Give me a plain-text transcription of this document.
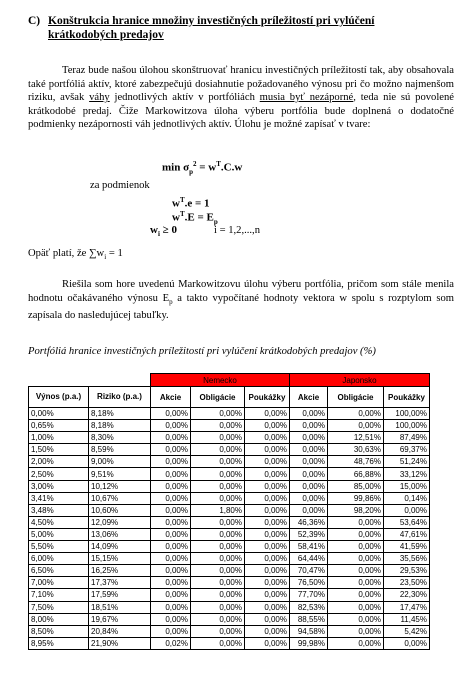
C) Konštrukcia hranice množiny investičných príležitostí pri vylúčení krátkodobých predajov
Teraz bude našou úlohou skonštruovať hranicu investičných príležitostí tak, aby obsahovala také portfóliá aktív, ktoré zabezpečujú dosiahnutie požadovaného výnosu pri čo možno najmenšom riziku, avšak váhy jednotlivých aktív v portfóliách musia byť nezáporné, teda nie sú povolené krátkodobé predaj. Čiže Markowitzova úloha výberu portfólia bude doplnená o dodatočné podmienky nezápornosti váh jednotlivých aktív. Úlohu je možné zapísať v tvare:
$\min \sigma_p^2 = w^T.C.w$
za podmienok
$w^T.e = 1$
$w^T.E = E_p$
$w_i \ge 0$	i = 1,2,...,n
Opäť platí, že $\sum w_i = 1$
Riešila som hore uvedenú Markowitzovu úlohu výberu portfólia, pričom som stále menila hodnotu očakávaného výnosu $E_p$ a takto vypočítané hodnoty vektora w spolu s rozptylom som zapísala do nasledujúcej tabuľky.
Portfóliá hranice investičných príležitostí pri vylúčení krátkodobých predajov (%)
		Nemecko			Japonsko		
Výnos (p.a.)	Riziko (p.a.)	Akcie	Obligácie	Poukážky	Akcie	Obligácie	Poukážky
0,00%	8,18%	0,00%	0,00%	0,00%	0,00%	0,00%	100,00%
0,65%	8,18%	0,00%	0,00%	0,00%	0,00%	0,00%	100,00%
1,00%	8,30%	0,00%	0,00%	0,00%	0,00%	12,51%	87,49%
1,50%	8,59%	0,00%	0,00%	0,00%	0,00%	30,63%	69,37%
2,00%	9,00%	0,00%	0,00%	0,00%	0,00%	48,76%	51,24%
2,50%	9,51%	0,00%	0,00%	0,00%	0,00%	66,88%	33,12%
3,00%	10,12%	0,00%	0,00%	0,00%	0,00%	85,00%	15,00%
3,41%	10,67%	0,00%	0,00%	0,00%	0,00%	99,86%	0,14%
3,48%	10,60%	0,00%	1,80%	0,00%	0,00%	98,20%	0,00%
4,50%	12,09%	0,00%	0,00%	0,00%	46,36%	0,00%	53,64%
5,00%	13,06%	0,00%	0,00%	0,00%	52,39%	0,00%	47,61%
5,50%	14,09%	0,00%	0,00%	0,00%	58,41%	0,00%	41,59%
6,00%	15,15%	0,00%	0,00%	0,00%	64,44%	0,00%	35,56%
6,50%	16,25%	0,00%	0,00%	0,00%	70,47%	0,00%	29,53%
7,00%	17,37%	0,00%	0,00%	0,00%	76,50%	0,00%	23,50%
7,10%	17,59%	0,00%	0,00%	0,00%	77,70%	0,00%	22,30%
7,50%	18,51%	0,00%	0,00%	0,00%	82,53%	0,00%	17,47%
8,00%	19,67%	0,00%	0,00%	0,00%	88,55%	0,00%	11,45%
8,50%	20,84%	0,00%	0,00%	0,00%	94,58%	0,00%	5,42%
8,95%	21,90%	0,02%	0,00%	0,00%	99,98%	0,00%	0,00%
